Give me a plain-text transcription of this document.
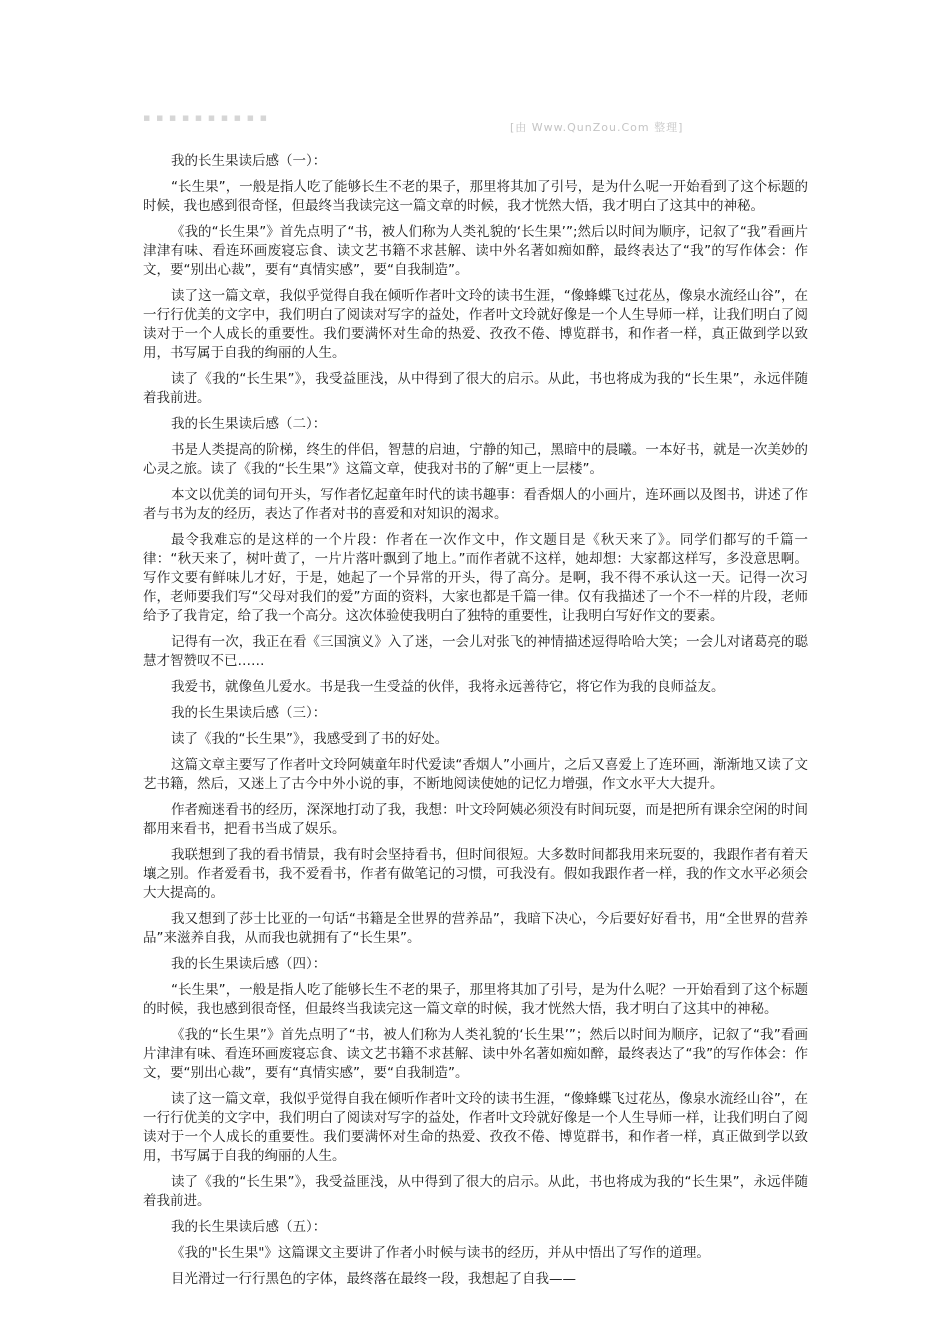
▪ ▪ ▪ ▪ ▪ ▪ ▪ ▪ ▪ ▪
[由 Www.QunZou.Com 整理]

我的长生果读后感（一）：

“长生果”，一般是指人吃了能够长生不老的果子，那里将其加了引号，是为什么呢一开始看到了这个标题的时候，我也感到很奇怪，但最终当我读完这一篇文章的时候，我才恍然大悟，我才明白了这其中的神秘。

《我的“长生果”》首先点明了“书，被人们称为人类礼貌的‘长生果’”;然后以时间为顺序，记叙了“我”看画片津津有味、看连环画废寝忘食、读文艺书籍不求甚解、读中外名著如痴如醉，最终表达了“我”的写作体会：作文，要“别出心裁”，要有“真情实感”，要“自我制造”。

读了这一篇文章，我似乎觉得自我在倾听作者叶文玲的读书生涯，“像蜂蝶飞过花丛，像泉水流经山谷”，在一行行优美的文字中，我们明白了阅读对写字的益处，作者叶文玲就好像是一个人生导师一样，让我们明白了阅读对于一个人成长的重要性。我们要满怀对生命的热爱、孜孜不倦、博览群书，和作者一样，真正做到学以致用，书写属于自我的绚丽的人生。

读了《我的“长生果”》，我受益匪浅，从中得到了很大的启示。从此，书也将成为我的“长生果”，永远伴随着我前进。

我的长生果读后感（二）：

书是人类提高的阶梯，终生的伴侣，智慧的启迪，宁静的知己，黑暗中的晨曦。一本好书，就是一次美妙的心灵之旅。读了《我的“长生果”》这篇文章，使我对书的了解“更上一层楼”。

本文以优美的词句开头，写作者忆起童年时代的读书趣事：看香烟人的小画片，连环画以及图书，讲述了作者与书为友的经历，表达了作者对书的喜爱和对知识的渴求。

最令我难忘的是这样的一个片段：作者在一次作文中，作文题目是《秋天来了》。同学们都写的千篇一律：“秋天来了，树叶黄了，一片片落叶飘到了地上。”而作者就不这样，她却想：大家都这样写，多没意思啊。写作文要有鲜味儿才好，于是，她起了一个异常的开头，得了高分。是啊，我不得不承认这一天。记得一次习作，老师要我们写“父母对我们的爱”方面的资料，大家也都是千篇一律。仅有我描述了一个不一样的片段，老师给予了我肯定，给了我一个高分。这次体验使我明白了独特的重要性，让我明白写好作文的要素。

记得有一次，我正在看《三国演义》入了迷，一会儿对张飞的神情描述逗得哈哈大笑；一会儿对诸葛亮的聪慧才智赞叹不已……

我爱书，就像鱼儿爱水。书是我一生受益的伙伴，我将永远善待它，将它作为我的良师益友。

我的长生果读后感（三）：

读了《我的“长生果”》，我感受到了书的好处。

这篇文章主要写了作者叶文玲阿姨童年时代爱读“香烟人”小画片，之后又喜爱上了连环画，渐渐地又读了文艺书籍，然后，又迷上了古今中外小说的事，不断地阅读使她的记忆力增强，作文水平大大提升。

作者痴迷看书的经历，深深地打动了我，我想：叶文玲阿姨必须没有时间玩耍，而是把所有课余空闲的时间都用来看书，把看书当成了娱乐。

我联想到了我的看书情景，我有时会坚持看书，但时间很短。大多数时间都我用来玩耍的，我跟作者有着天壤之别。作者爱看书，我不爱看书，作者有做笔记的习惯，可我没有。假如我跟作者一样，我的作文水平必须会大大提高的。

我又想到了莎士比亚的一句话“书籍是全世界的营养品”，我暗下决心，今后要好好看书，用“全世界的营养品”来滋养自我，从而我也就拥有了“长生果”。

我的长生果读后感（四）：

“长生果”，一般是指人吃了能够长生不老的果子，那里将其加了引号，是为什么呢？一开始看到了这个标题的时候，我也感到很奇怪，但最终当我读完这一篇文章的时候，我才恍然大悟，我才明白了这其中的神秘。

《我的“长生果”》首先点明了“书，被人们称为人类礼貌的‘长生果’”；然后以时间为顺序，记叙了“我”看画片津津有味、看连环画废寝忘食、读文艺书籍不求甚解、读中外名著如痴如醉，最终表达了“我”的写作体会：作文，要“别出心裁”，要有“真情实感”，要“自我制造”。

读了这一篇文章，我似乎觉得自我在倾听作者叶文玲的读书生涯，“像蜂蝶飞过花丛，像泉水流经山谷”，在一行行优美的文字中，我们明白了阅读对写字的益处，作者叶文玲就好像是一个人生导师一样，让我们明白了阅读对于一个人成长的重要性。我们要满怀对生命的热爱、孜孜不倦、博览群书，和作者一样，真正做到学以致用，书写属于自我的绚丽的人生。

读了《我的“长生果”》，我受益匪浅，从中得到了很大的启示。从此，书也将成为我的“长生果”，永远伴随着我前进。

我的长生果读后感（五）：

《我的"长生果"》这篇课文主要讲了作者小时候与读书的经历，并从中悟出了写作的道理。

目光滑过一行行黑色的字体，最终落在最终一段，我想起了自我——
